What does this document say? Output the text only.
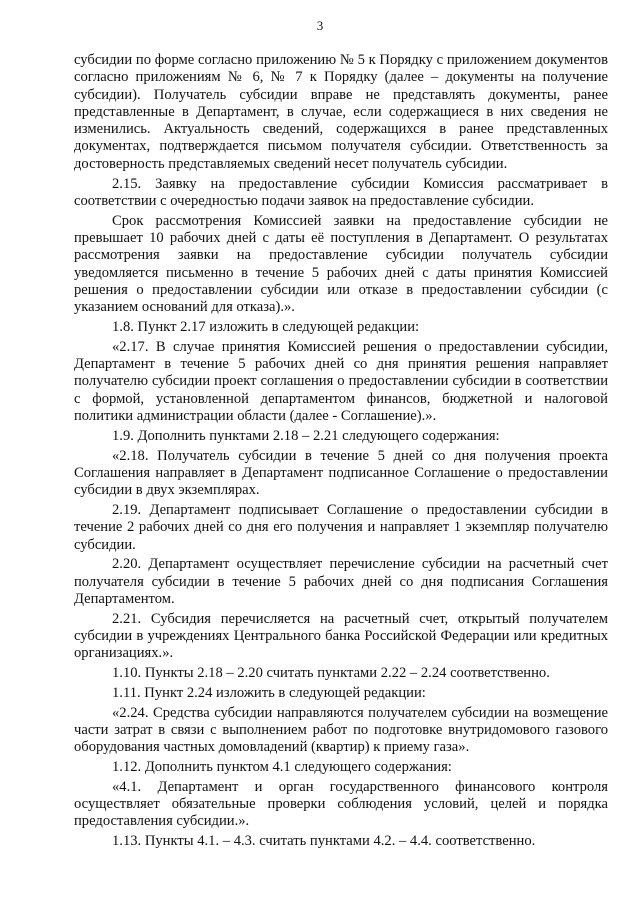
3

субсидии по форме согласно приложению № 5 к Порядку с приложением документов согласно приложениям № 6, № 7 к Порядку (далее – документы на получение субсидии). Получатель субсидии вправе не представлять документы, ранее представленные в Департамент, в случае, если содержащиеся в них сведения не изменились. Актуальность сведений, содержащихся в ранее представленных документах, подтверждается письмом получателя субсидии. Ответственность за достоверность представляемых сведений несет получатель субсидии.

2.15. Заявку на предоставление субсидии Комиссия рассматривает в соответствии с очередностью подачи заявок на предоставление субсидии.

Срок рассмотрения Комиссией заявки на предоставление субсидии не превышает 10 рабочих дней с даты её поступления в Департамент. О результатах рассмотрения заявки на предоставление субсидии получатель субсидии уведомляется письменно в течение 5 рабочих дней с даты принятия Комиссией решения о предоставлении субсидии или отказе в предоставлении субсидии (с указанием оснований для отказа).».

1.8. Пункт 2.17 изложить в следующей редакции:

«2.17. В случае принятия Комиссией решения о предоставлении субсидии, Департамент в течение 5 рабочих дней со дня принятия решения направляет получателю субсидии проект соглашения о предоставлении субсидии в соответствии с формой, установленной департаментом финансов, бюджетной и налоговой политики администрации области (далее - Соглашение).».

1.9. Дополнить пунктами 2.18 – 2.21 следующего содержания:

«2.18. Получатель субсидии в течение 5 дней со дня получения проекта Соглашения направляет в Департамент подписанное Соглашение о предоставлении субсидии в двух экземплярах.

2.19. Департамент подписывает Соглашение о предоставлении субсидии в течение 2 рабочих дней со дня его получения и направляет 1 экземпляр получателю субсидии.

2.20. Департамент осуществляет перечисление субсидии на расчетный счет получателя субсидии в течение 5 рабочих дней со дня подписания Соглашения Департаментом.

2.21. Субсидия перечисляется на расчетный счет, открытый получателем субсидии в учреждениях Центрального банка Российской Федерации или кредитных организациях.».

1.10. Пункты 2.18 – 2.20 считать пунктами 2.22 – 2.24 соответственно.

1.11. Пункт 2.24 изложить в следующей редакции:

«2.24. Средства субсидии направляются получателем субсидии на возмещение части затрат в связи с выполнением работ по подготовке внутридомового газового оборудования частных домовладений (квартир) к приему газа».

1.12. Дополнить пунктом 4.1 следующего содержания:

«4.1. Департамент и орган государственного финансового контроля осуществляет обязательные проверки соблюдения условий, целей и порядка предоставления субсидии.».

1.13. Пункты 4.1. – 4.3. считать пунктами 4.2. – 4.4. соответственно.
